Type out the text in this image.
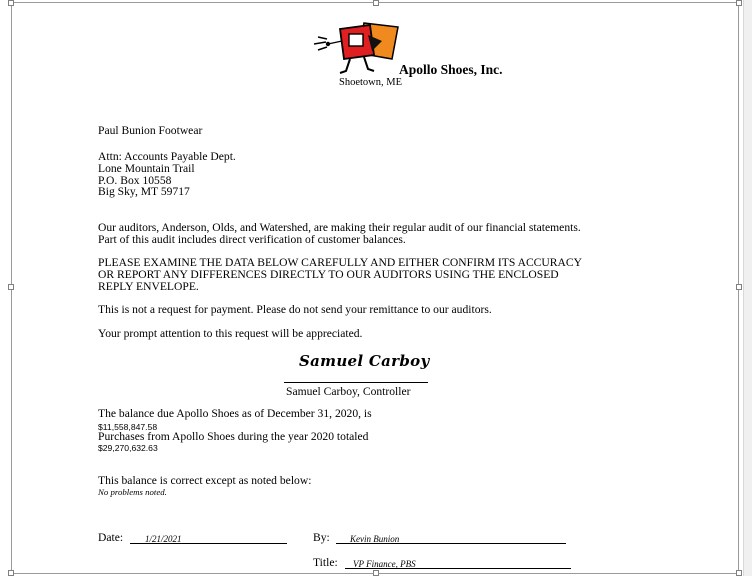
Apollo Shoes, Inc.
Shoetown, ME
Paul Bunion Footwear
Attn: Accounts Payable Dept.
Lone Mountain Trail
P.O. Box 10558
Big Sky, MT 59717
Our auditors, Anderson, Olds, and Watershed, are making their regular audit of our financial statements.
Part of this audit includes direct verification of customer balances.
PLEASE EXAMINE THE DATA BELOW CAREFULLY AND EITHER CONFIRM ITS ACCURACY
OR REPORT ANY DIFFERENCES DIRECTLY TO OUR AUDITORS USING THE ENCLOSED
REPLY ENVELOPE.
This is not a request for payment. Please do not send your remittance to our auditors.
Your prompt attention to this request will be appreciated.
Samuel Carboy
Samuel Carboy, Controller
The balance due Apollo Shoes as of December 31, 2020, is
$11,558,847.58
Purchases from Apollo Shoes during the year 2020 totaled
$29,270,632.63
This balance is correct except as noted below:
No problems noted.
Date: 1/21/2021	By: Kevin Bunion
Title: VP Finance, PBS
